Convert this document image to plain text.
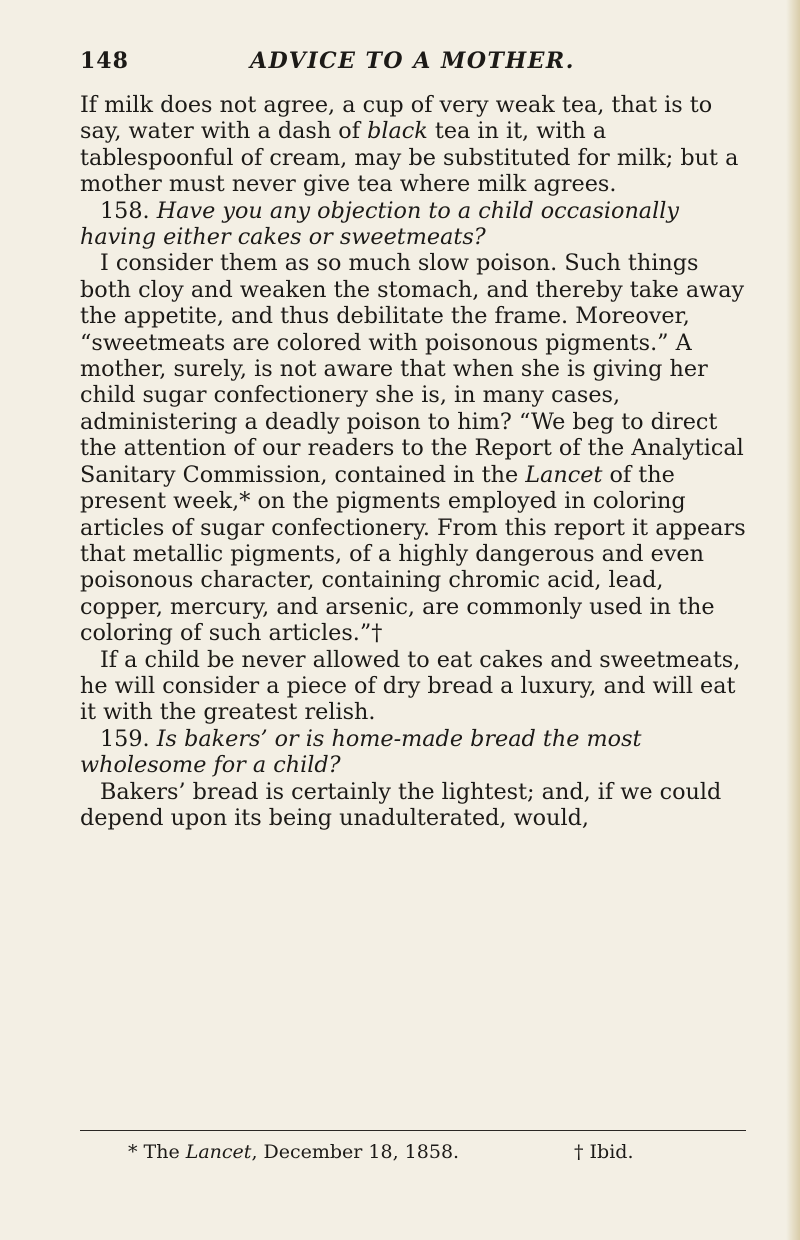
148	ADVICE TO A MOTHER.

If milk does not agree, a cup of very weak tea, that is to say, water with a dash of black tea in it, with a tablespoonful of cream, may be substituted for milk; but a mother must never give tea where milk agrees.

158. Have you any objection to a child occasionally having either cakes or sweetmeats?

I consider them as so much slow poison. Such things both cloy and weaken the stomach, and thereby take away the appetite, and thus debilitate the frame. Moreover, “sweetmeats are colored with poisonous pigments.” A mother, surely, is not aware that when she is giving her child sugar confectionery she is, in many cases, administering a deadly poison to him? “We beg to direct the attention of our readers to the Report of the Analytical Sanitary Commission, contained in the Lancet of the present week,* on the pigments employed in coloring articles of sugar confectionery. From this report it appears that metallic pigments, of a highly dangerous and even poisonous character, containing chromic acid, lead, copper, mercury, and arsenic, are commonly used in the coloring of such articles.”†

If a child be never allowed to eat cakes and sweetmeats, he will consider a piece of dry bread a luxury, and will eat it with the greatest relish.

159. Is bakers’ or is home-made bread the most wholesome for a child?

Bakers’ bread is certainly the lightest; and, if we could depend upon its being unadulterated, would,

* The Lancet, December 18, 1858.	† Ibid.
